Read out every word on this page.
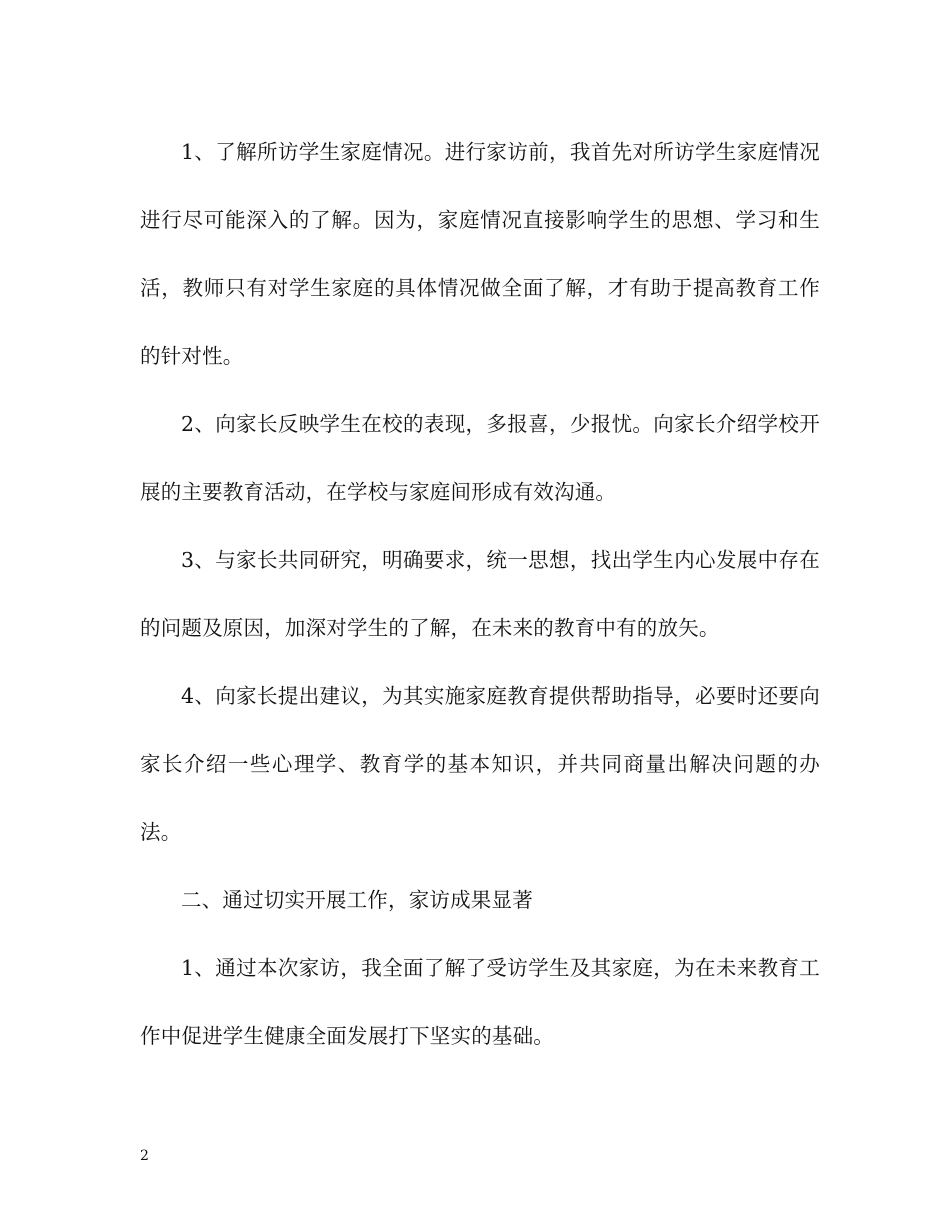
1、了解所访学生家庭情况。进行家访前，我首先对所访学生家庭情况进行尽可能深入的了解。因为，家庭情况直接影响学生的思想、学习和生活，教师只有对学生家庭的具体情况做全面了解，才有助于提高教育工作的针对性。

2、向家长反映学生在校的表现，多报喜，少报忧。向家长介绍学校开展的主要教育活动，在学校与家庭间形成有效沟通。

3、与家长共同研究，明确要求，统一思想，找出学生内心发展中存在的问题及原因，加深对学生的了解，在未来的教育中有的放矢。

4、向家长提出建议，为其实施家庭教育提供帮助指导，必要时还要向家长介绍一些心理学、教育学的基本知识，并共同商量出解决问题的办法。

二、通过切实开展工作，家访成果显著

1、通过本次家访，我全面了解了受访学生及其家庭，为在未来教育工作中促进学生健康全面发展打下坚实的基础。

2
